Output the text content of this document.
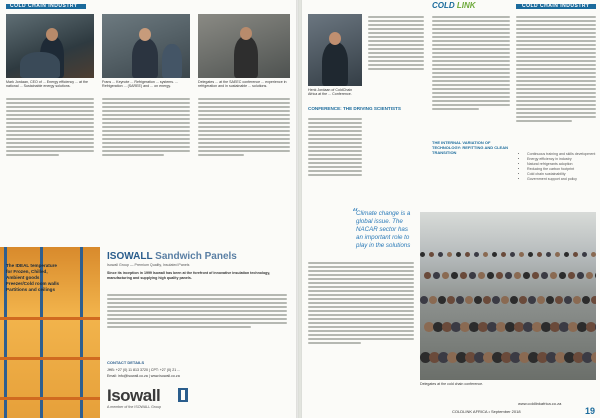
COLD CHAIN INDUSTRY
Mark Jordaan, CEO of ... Energy efficiency ... at the national ... Sustainable energy solutions.
Frans ... Keynote ... Refrigeration ... systems. ... Refrigeration ... (SAREE) and ... on energy.
Delegates ... at the SAEEC conference ... experience in refrigeration and in sustainable ... solutions.
The IDEAL temperature
for Frozen, Chilled,
Ambient goods
Freezer/Cold room walls
Partitions and ceilings
ISOWALL Sandwich Panels
Isowall Group — Premium Quality, Insulated Panels
Since its inception in 1999 Isowall has been at the forefront of innovative insulation technology, manufacturing and supplying high quality panels.
CONTACT DETAILS
JHB: +27 (0) 11 813 3720 | CPT: +27 (0) 21 ...
Email: info@isowall.co.za | www.isowall.co.za
Isowall
A member of the ISOWALL Group
COLD LINK	COLD CHAIN INDUSTRY
Henk Jordaan of ColdChain Africa at the ... Conference.
CONFERENCE: THE DRIVING SCIENTISTS
THE INTERNAL VARIATION OF TECHNOLOGY: REFITTING AND CLEAN TRANSITION
•	Continuous training and skills development
• Energy efficiency in industry
• Natural refrigerants adoption
• Reducing the carbon footprint
• Cold chain sustainability
• Government support and policy
“
Climate change is a global issue. The NACAR sector has an important role to play in the solutions
Delegates at the cold chain conference.
COLDLINK AFRICA • September 2018
www.coldlinkafrica.co.za
19
